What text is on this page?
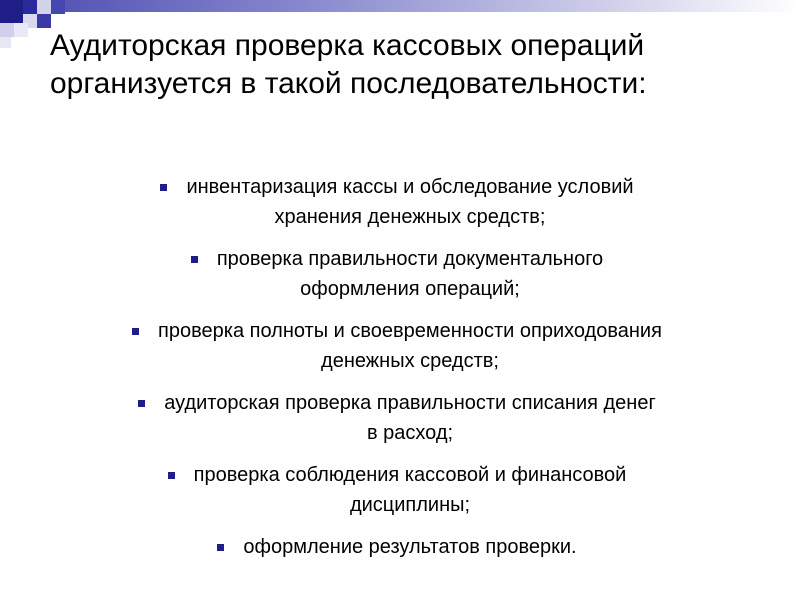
Аудиторская проверка кассовых операций организуется в такой последовательности:
инвентаризация кассы и обследование условий
хранения денежных средств;
проверка правильности документального
оформления операций;
проверка полноты и своевременности оприходования
денежных средств;
аудиторская проверка правильности списания денег
в расход;
проверка соблюдения кассовой и финансовой
дисциплины;
оформление результатов проверки.
